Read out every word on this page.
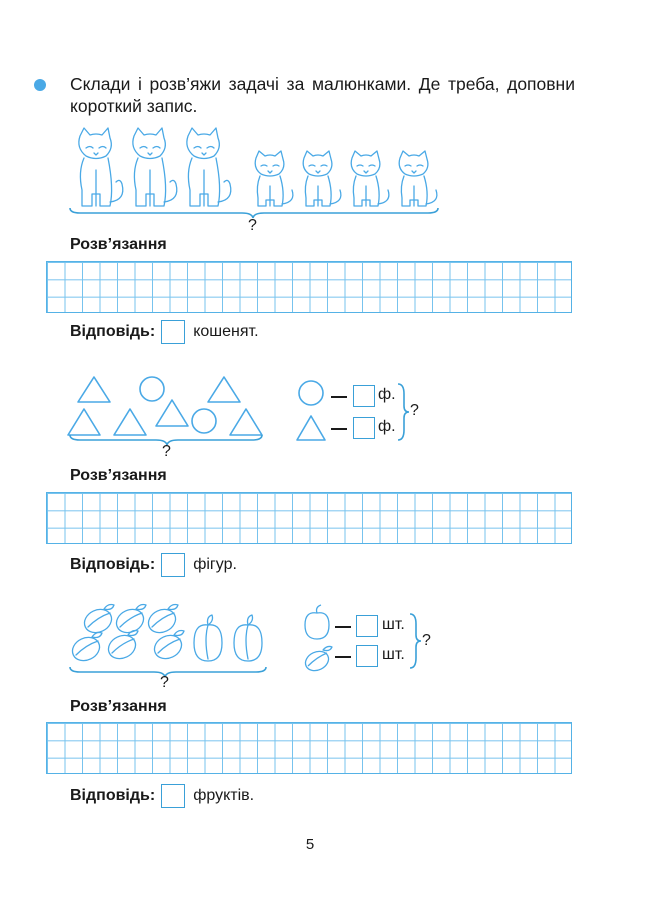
Склади і розв’яжи задачі за малюнками. Де треба, доповни короткий запис.
?
Розв’язання
Відповідь: кошенят.
?
ф.
ф.
?
Розв’язання
Відповідь: фігур.
?
шт.
шт.
?
Розв’язання
Відповідь: фруктів.
5
